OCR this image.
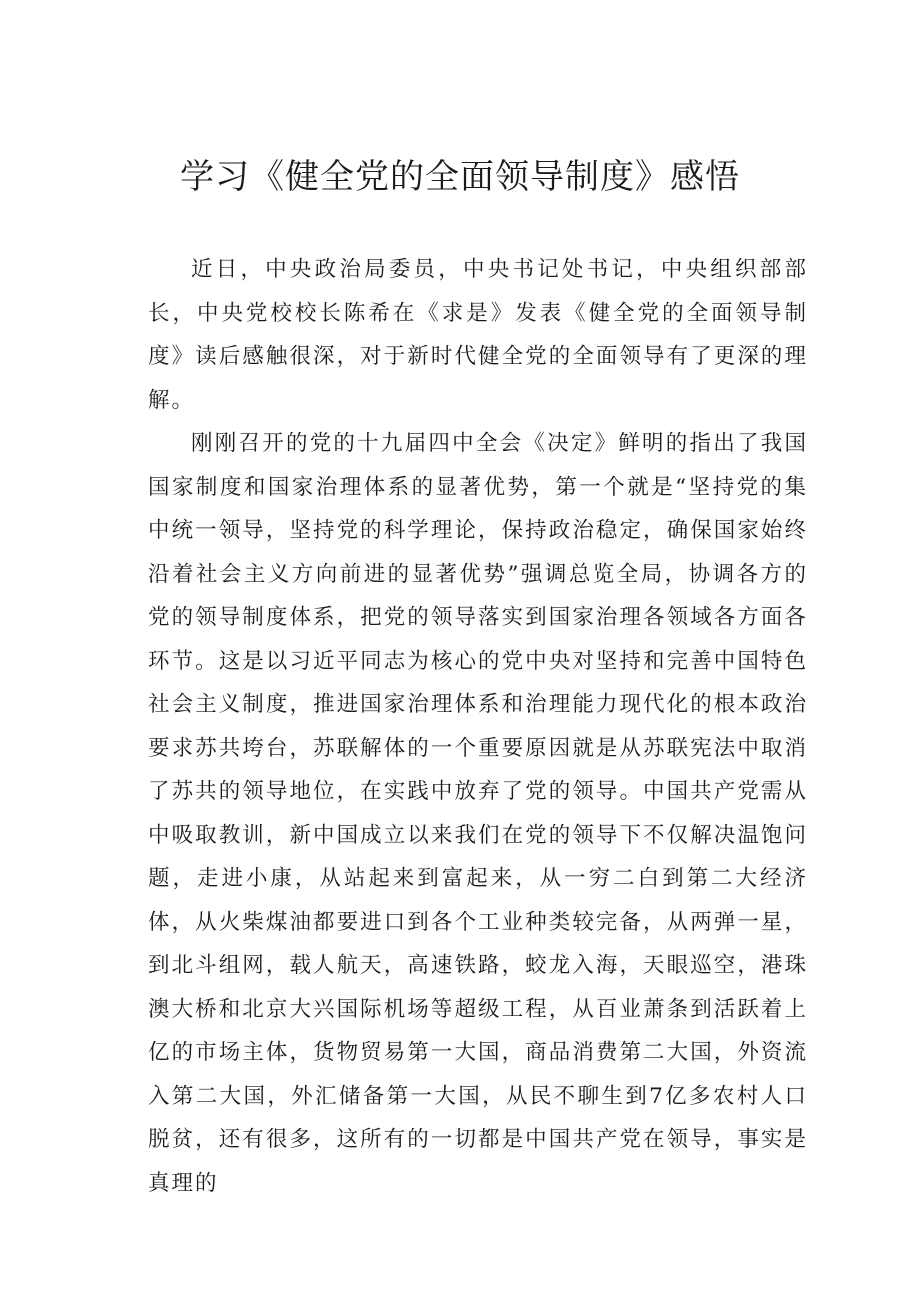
学习《健全党的全面领导制度》感悟

近日，中央政治局委员，中央书记处书记，中央组织部部长，中央党校校长陈希在《求是》发表《健全党的全面领导制度》读后感触很深，对于新时代健全党的全面领导有了更深的理解。

刚刚召开的党的十九届四中全会《决定》鲜明的指出了我国国家制度和国家治理体系的显著优势，第一个就是“坚持党的集中统一领导，坚持党的科学理论，保持政治稳定，确保国家始终沿着社会主义方向前进的显著优势”强调总览全局，协调各方的党的领导制度体系，把党的领导落实到国家治理各领域各方面各环节。这是以习近平同志为核心的党中央对坚持和完善中国特色社会主义制度，推进国家治理体系和治理能力现代化的根本政治要求苏共垮台，苏联解体的一个重要原因就是从苏联宪法中取消了苏共的领导地位，在实践中放弃了党的领导。中国共产党需从中吸取教训，新中国成立以来我们在党的领导下不仅解决温饱问题，走进小康，从站起来到富起来，从一穷二白到第二大经济体，从火柴煤油都要进口到各个工业种类较完备，从两弹一星，到北斗组网，载人航天，高速铁路，蛟龙入海，天眼巡空，港珠澳大桥和北京大兴国际机场等超级工程，从百业萧条到活跃着上亿的市场主体，货物贸易第一大国，商品消费第二大国，外资流入第二大国，外汇储备第一大国，从民不聊生到7亿多农村人口脱贫，还有很多，这所有的一切都是中国共产党在领导，事实是真理的
